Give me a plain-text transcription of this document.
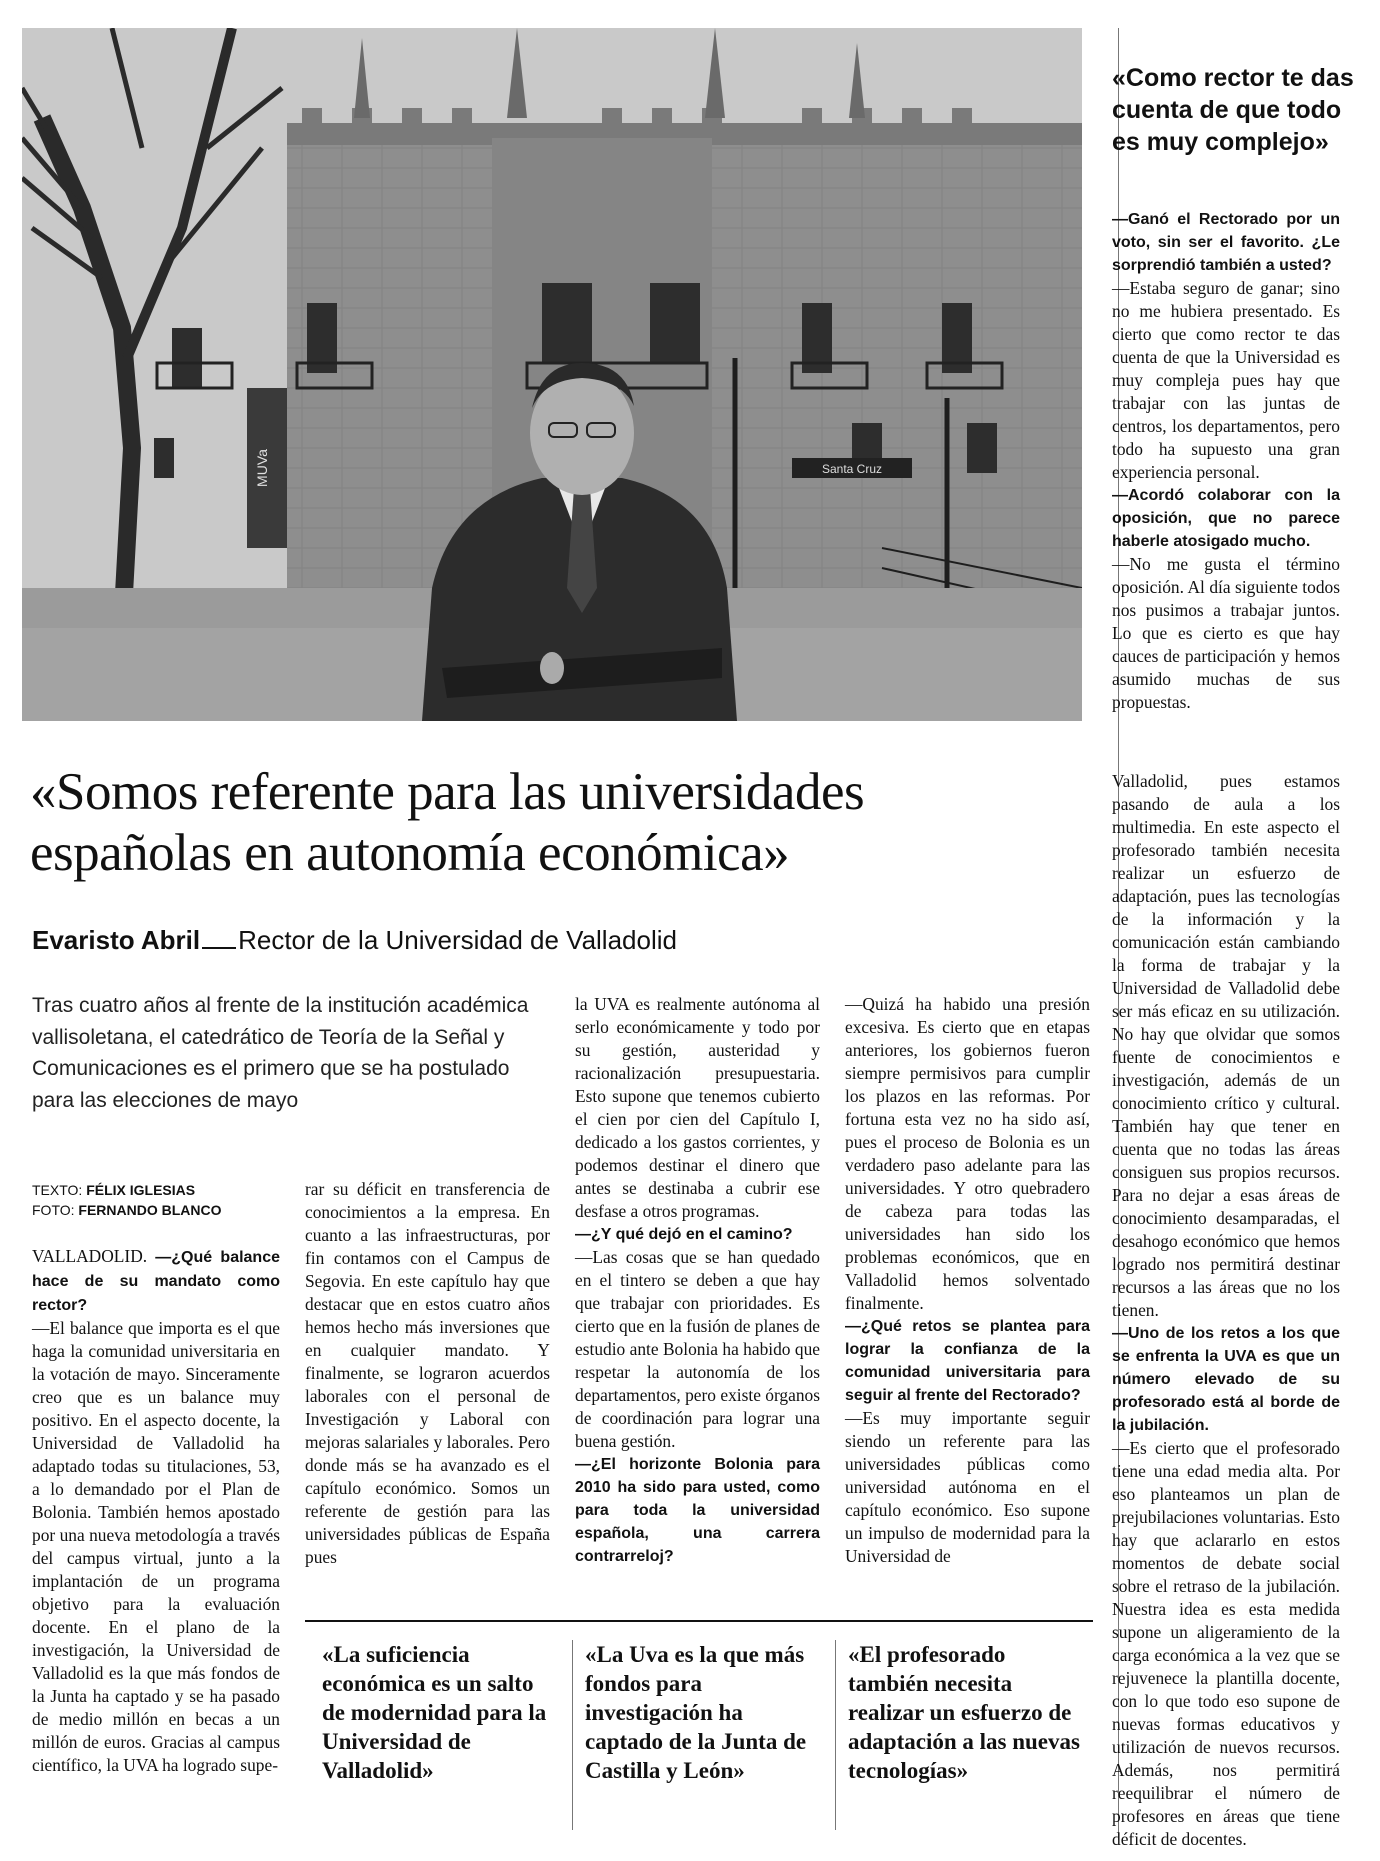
MUVa	Santa Cruz
«Como rector te das
cuenta de que todo
es muy complejo»

—Ganó el Rectorado por un voto, sin ser el favorito. ¿Le sorprendió también a usted?

—Estaba seguro de ganar; sino no me hubiera presentado. Es cierto que como rector te das cuenta de que la Universidad es muy compleja pues hay que trabajar con las juntas de centros, los departamentos, pero todo ha supuesto una gran experiencia personal.

—Acordó colaborar con la oposición, que no parece haberle atosigado mucho.

—No me gusta el término oposición. Al día siguiente todos nos pusimos a trabajar juntos. Lo que es cierto es que hay cauces de participación y hemos asumido muchas de sus propuestas.

«Somos referente para las universidades
españolas en autonomía económica»
Evaristo Abril Rector de la Universidad de Valladolid
Tras cuatro años al frente de la institución académica vallisoletana, el catedrático de Teoría de la Señal y Comunicaciones es el primero que se ha postulado para las elecciones de mayo
TEXTO: FÉLIX IGLESIAS
FOTO: FERNANDO BLANCO

VALLADOLID. —¿Qué balance hace de su mandato como rector?

—El balance que importa es el que haga la comunidad universitaria en la votación de mayo. Sinceramente creo que es un balance muy positivo. En el aspecto docente, la Universidad de Valladolid ha adaptado todas su titulaciones, 53, a lo demandado por el Plan de Bolonia. También hemos apostado por una nueva metodología a través del campus virtual, junto a la implantación de un programa objetivo para la evaluación docente. En el plano de la investigación, la Universidad de Valladolid es la que más fondos de la Junta ha captado y se ha pasado de medio millón en becas a un millón de euros. Gracias al campus científico, la UVA ha logrado supe-

rar su déficit en transferencia de conocimientos a la empresa. En cuanto a las infraestructuras, por fin contamos con el Campus de Segovia. En este capítulo hay que destacar que en estos cuatro años hemos hecho más inversiones que en cualquier mandato. Y finalmente, se lograron acuerdos laborales con el personal de Investigación y Laboral con mejoras salariales y laborales. Pero donde más se ha avanzado es el capítulo económico. Somos un referente de gestión para las universidades públicas de España pues

la UVA es realmente autónoma al serlo económicamente y todo por su gestión, austeridad y racionalización presupuestaria. Esto supone que tenemos cubierto el cien por cien del Capítulo I, dedicado a los gastos corrientes, y podemos destinar el dinero que antes se destinaba a cubrir ese desfase a otros programas.

—¿Y qué dejó en el camino?

—Las cosas que se han quedado en el tintero se deben a que hay que trabajar con prioridades. Es cierto que en la fusión de planes de estudio ante Bolonia ha habido que respetar la autonomía de los departamentos, pero existe órganos de coordinación para lograr una buena gestión.

—¿El horizonte Bolonia para 2010 ha sido para usted, como para toda la universidad española, una carrera contrarreloj?

—Quizá ha habido una presión excesiva. Es cierto que en etapas anteriores, los gobiernos fueron siempre permisivos para cumplir los plazos en las reformas. Por fortuna esta vez no ha sido así, pues el proceso de Bolonia es un verdadero paso adelante para las universidades. Y otro quebradero de cabeza para todas las universidades han sido los problemas económicos, que en Valladolid hemos solventado finalmente.

—¿Qué retos se plantea para lograr la confianza de la comunidad universitaria para seguir al frente del Rectorado?

—Es muy importante seguir siendo un referente para las universidades públicas como universidad autónoma en el capítulo económico. Eso supone un impulso de modernidad para la Universidad de

Valladolid, pues estamos pasando de aula a los multimedia. En este aspecto el profesorado también necesita realizar un esfuerzo de adaptación, pues las tecnologías de la información y la comunicación están cambiando la forma de trabajar y la Universidad de Valladolid debe ser más eficaz en su utilización. No hay que olvidar que somos fuente de conocimientos e investigación, además de un conocimiento crítico y cultural. También hay que tener en cuenta que no todas las áreas consiguen sus propios recursos. Para no dejar a esas áreas de conocimiento desamparadas, el desahogo económico que hemos logrado nos permitirá destinar recursos a las áreas que no los tienen.

—Uno de los retos a los que se enfrenta la UVA es que un número elevado de su profesorado está al borde de la jubilación.

—Es cierto que el profesorado tiene una edad media alta. Por eso planteamos un plan de prejubilaciones voluntarias. Esto hay que aclararlo en estos momentos de debate social sobre el retraso de la jubilación. Nuestra idea es esta medida supone un aligeramiento de la carga económica a la vez que se rejuvenece la plantilla docente, con lo que todo eso supone de nuevas formas educativos y utilización de nuevos recursos. Además, nos permitirá reequilibrar el número de profesores en áreas que tiene déficit de docentes.

«La suficiencia económica es un salto de modernidad para la Universidad de Valladolid»
«La Uva es la que más fondos para investigación ha captado de la Junta de Castilla y León»
«El profesorado también necesita realizar un esfuerzo de adaptación a las nuevas tecnologías»
